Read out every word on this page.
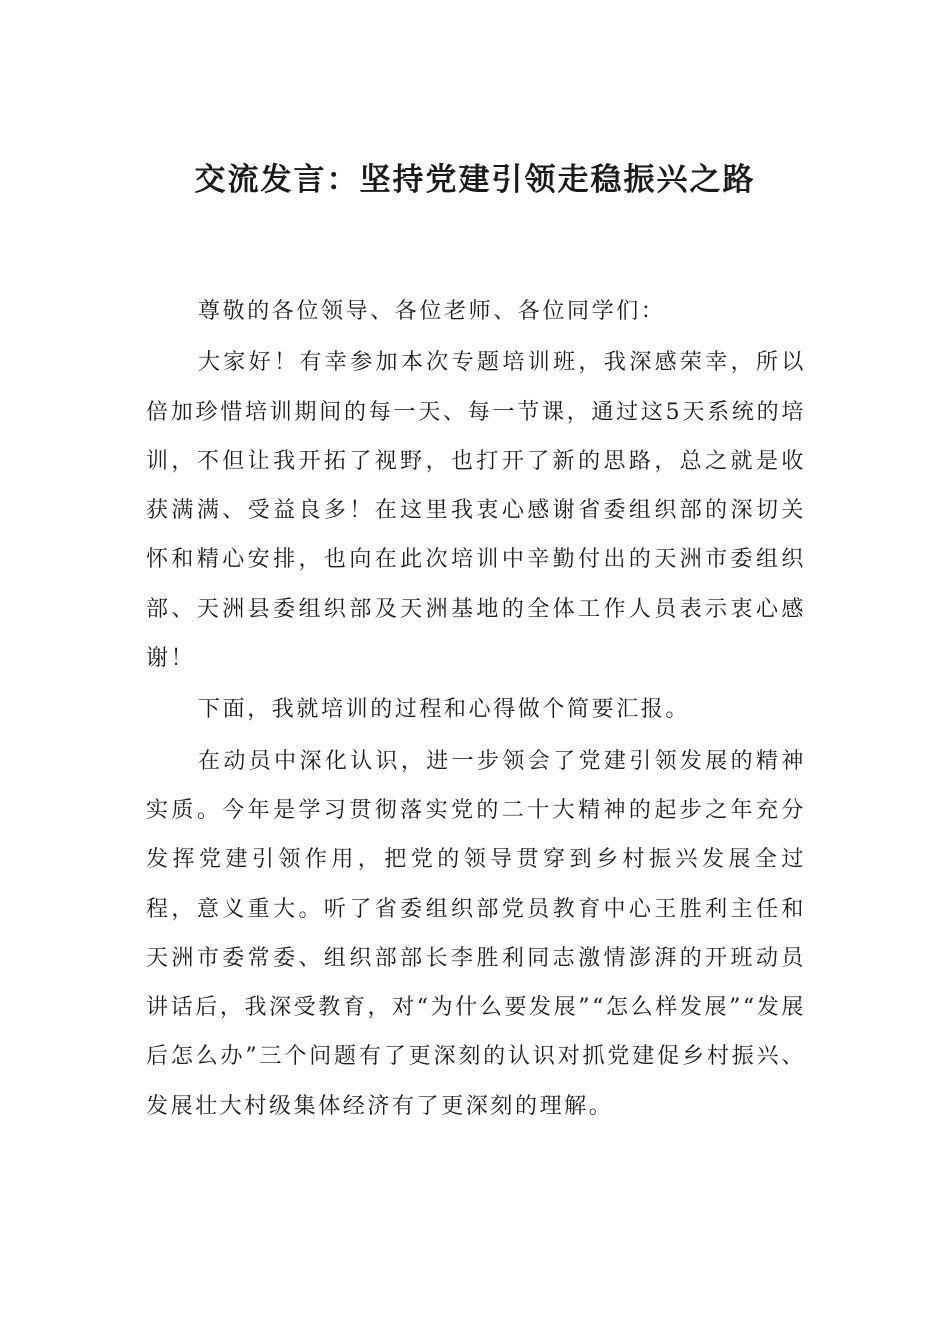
交流发言：坚持党建引领走稳振兴之路

尊敬的各位领导、各位老师、各位同学们：

大家好！有幸参加本次专题培训班，我深感荣幸，所以倍加珍惜培训期间的每一天、每一节课，通过这5天系统的培训，不但让我开拓了视野，也打开了新的思路，总之就是收获满满、受益良多！在这里我衷心感谢省委组织部的深切关怀和精心安排，也向在此次培训中辛勤付出的天洲市委组织部、天洲县委组织部及天洲基地的全体工作人员表示衷心感谢！

下面，我就培训的过程和心得做个简要汇报。

在动员中深化认识，进一步领会了党建引领发展的精神实质。今年是学习贯彻落实党的二十大精神的起步之年充分发挥党建引领作用，把党的领导贯穿到乡村振兴发展全过程，意义重大。听了省委组织部党员教育中心王胜利主任和天洲市委常委、组织部部长李胜利同志激情澎湃的开班动员讲话后，我深受教育，对“为什么要发展”“怎么样发展”“发展后怎么办”三个问题有了更深刻的认识对抓党建促乡村振兴、发展壮大村级集体经济有了更深刻的理解。
